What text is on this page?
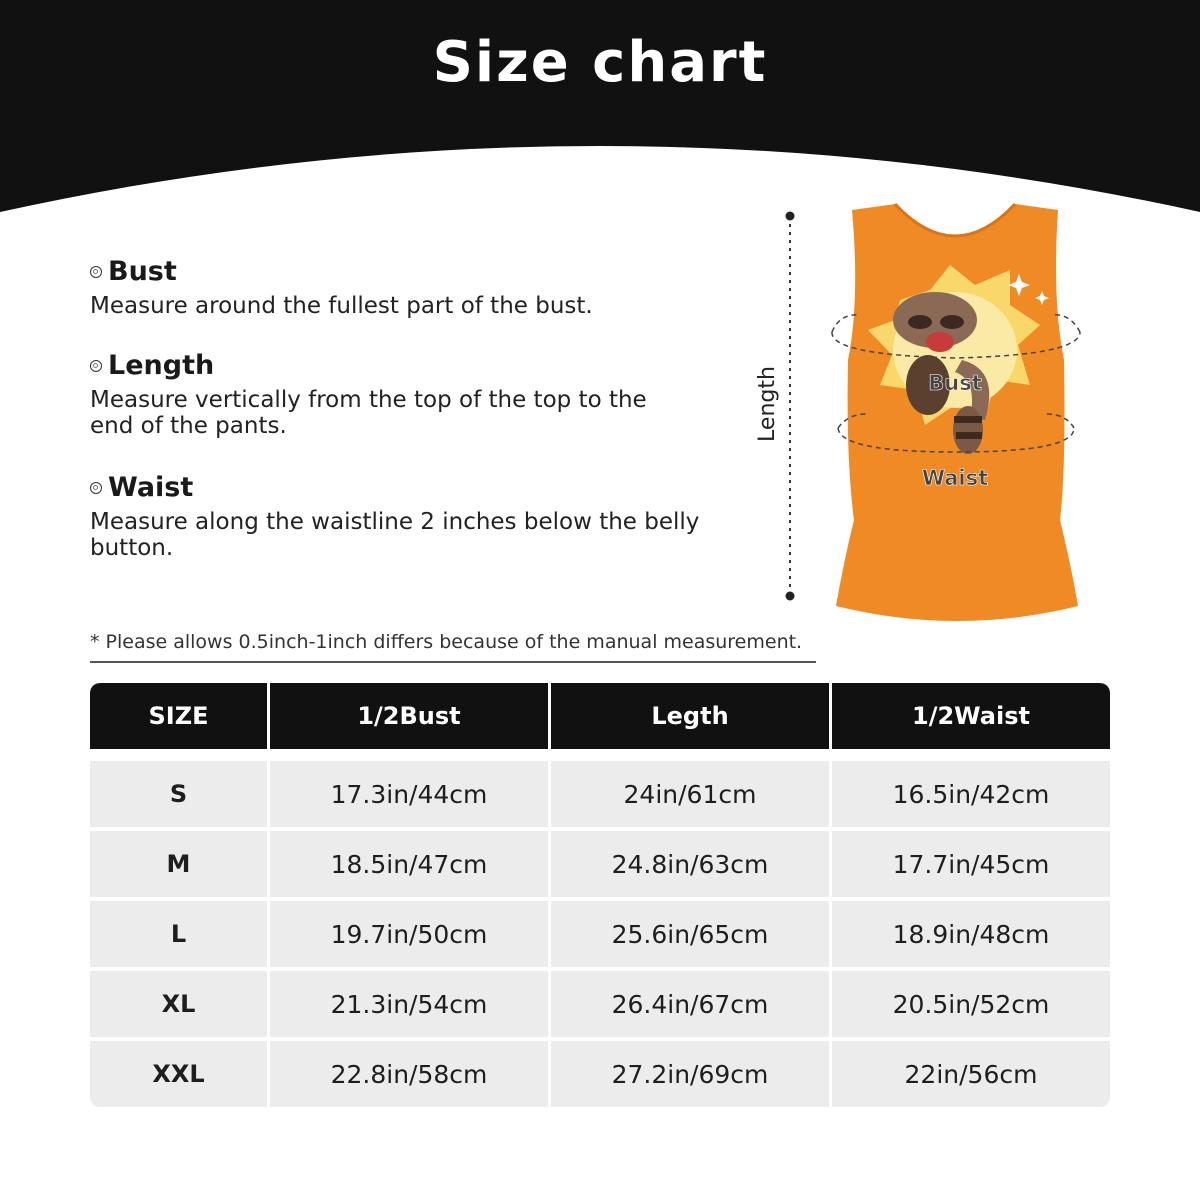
Size chart
Bust
Measure around the fullest part of the bust.
Length
Measure vertically from the top of the top to the end of the pants.
Waist
Measure along the waistline 2 inches below the belly button.
Length	Bust
Waist
* Please allows 0.5inch-1inch differs because of the manual measurement.
SIZE	1/2Bust	Legth	1/2Waist
S	17.3in/44cm	24in/61cm	16.5in/42cm
M	18.5in/47cm	24.8in/63cm	17.7in/45cm
L	19.7in/50cm	25.6in/65cm	18.9in/48cm
XL	21.3in/54cm	26.4in/67cm	20.5in/52cm
XXL	22.8in/58cm	27.2in/69cm	22in/56cm
